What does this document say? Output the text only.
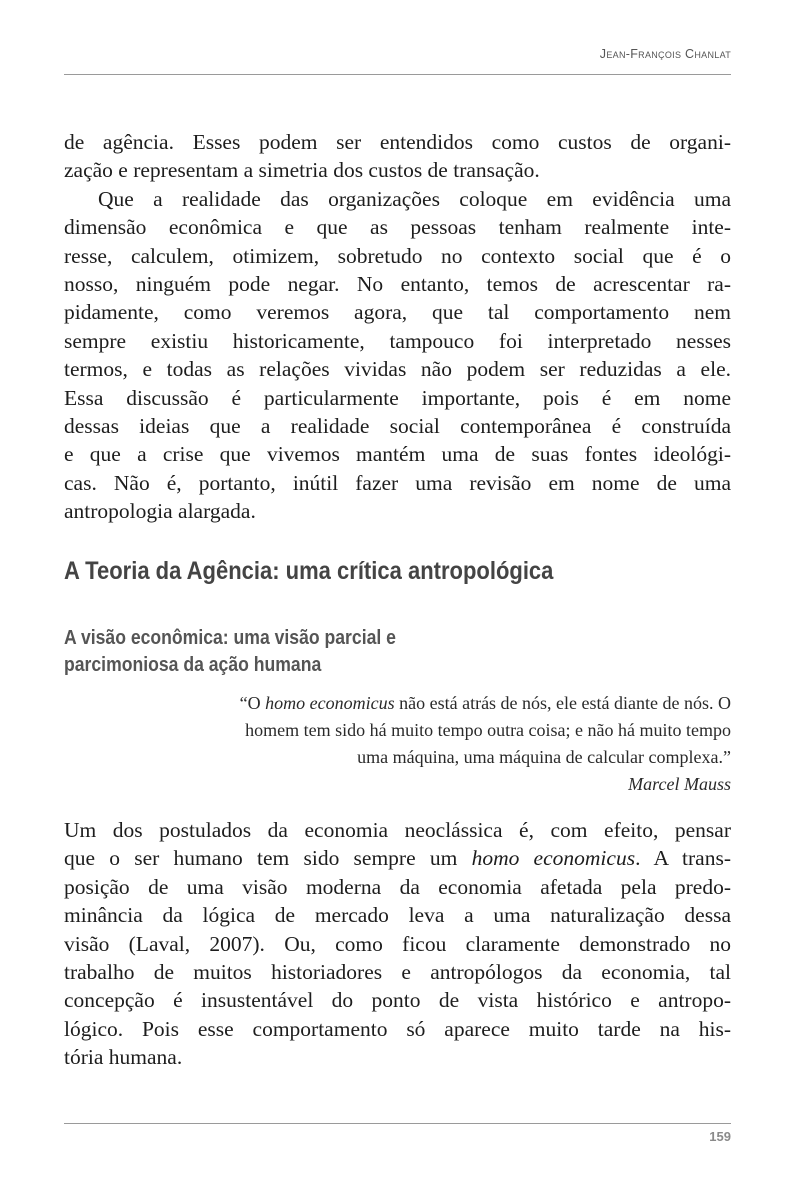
Jean-François Chanlat
de agência. Esses podem ser entendidos como custos de organi-
zação e representam a simetria dos custos de transação.
Que a realidade das organizações coloque em evidência uma
dimensão econômica e que as pessoas tenham realmente inte-
resse, calculem, otimizem, sobretudo no contexto social que é o
nosso, ninguém pode negar. No entanto, temos de acrescentar ra-
pidamente, como veremos agora, que tal comportamento nem
sempre existiu historicamente, tampouco foi interpretado nesses
termos, e todas as relações vividas não podem ser reduzidas a ele.
Essa discussão é particularmente importante, pois é em nome
dessas ideias que a realidade social contemporânea é construída
e que a crise que vivemos mantém uma de suas fontes ideológi-
cas. Não é, portanto, inútil fazer uma revisão em nome de uma
antropologia alargada.
A Teoria da Agência: uma crítica antropológica
A visão econômica: uma visão parcial e
parcimoniosa da ação humana
“O homo economicus não está atrás de nós, ele está diante de nós. O
homem tem sido há muito tempo outra coisa; e não há muito tempo
uma máquina, uma máquina de calcular complexa.”
Marcel Mauss
Um dos postulados da economia neoclássica é, com efeito, pensar
que o ser humano tem sido sempre um homo economicus. A trans-
posição de uma visão moderna da economia afetada pela predo-
minância da lógica de mercado leva a uma naturalização dessa
visão (Laval, 2007). Ou, como ficou claramente demonstrado no
trabalho de muitos historiadores e antropólogos da economia, tal
concepção é insustentável do ponto de vista histórico e antropo-
lógico. Pois esse comportamento só aparece muito tarde na his-
tória humana.
159
